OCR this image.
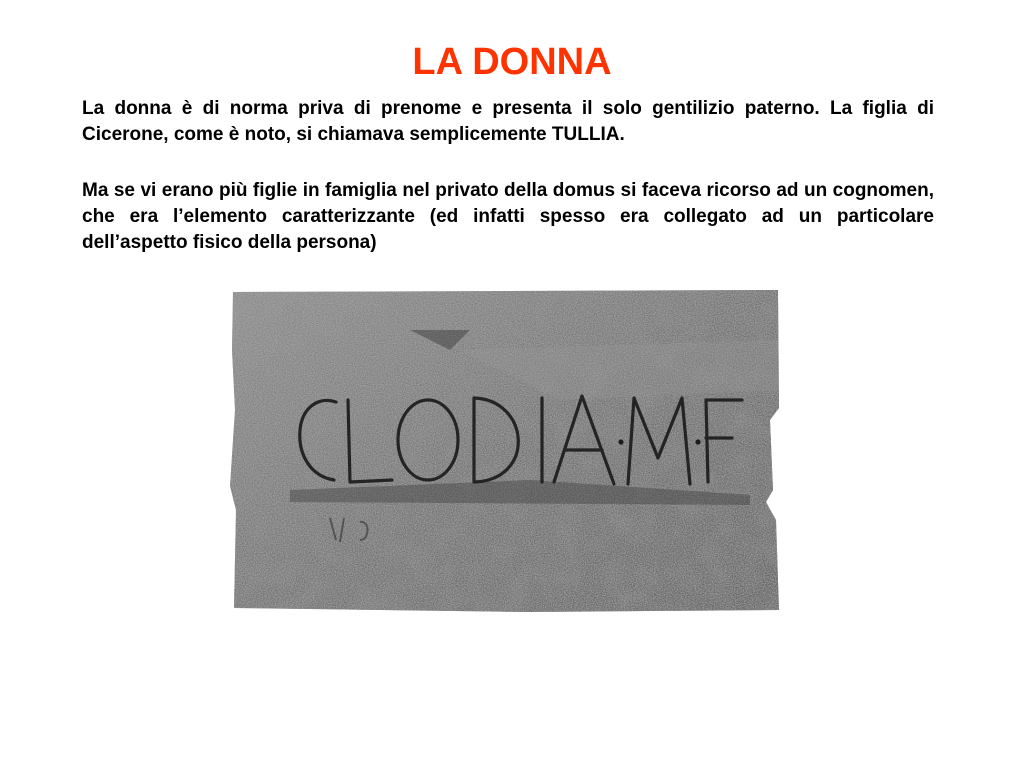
LA DONNA

La donna è di norma priva di prenome e presenta il solo gentilizio paterno. La figlia di Cicerone, come è noto, si chiamava semplicemente TULLIA.

Ma se vi erano più figlie in famiglia nel privato della domus si faceva ricorso ad un cognomen, che era l’elemento caratterizzante (ed infatti spesso era collegato ad un particolare dell’aspetto fisico della persona)
